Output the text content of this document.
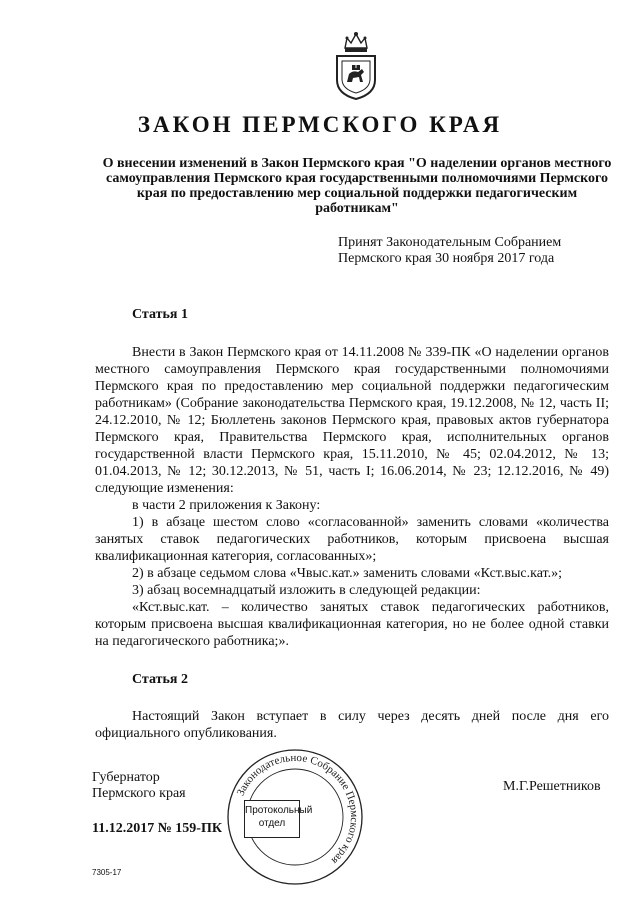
ЗАКОН ПЕРМСКОГО КРАЯ
О внесении изменений в Закон Пермского края "О наделении органов местного самоуправления Пермского края государственными полномочиями Пермского края по предоставлению мер социальной поддержки педагогическим работникам"
Принят Законодательным Собранием
Пермского края 30 ноября 2017 года
Статья 1

Внести в Закон Пермского края от 14.11.2008 № 339-ПК «О наделении органов местного самоуправления Пермского края государственными полномочиями Пермского края по предоставлению мер социальной поддержки педагогическим работникам» (Собрание законодательства Пермского края, 19.12.2008, № 12, часть II; 24.12.2010, № 12; Бюллетень законов Пермского края, правовых актов губернатора Пермского края, Правительства Пермского края, исполнительных органов государственной власти Пермского края, 15.11.2010, № 45; 02.04.2012, № 13; 01.04.2013, № 12; 30.12.2013, № 51, часть I; 16.06.2014, № 23; 12.12.2016, № 49) следующие изменения:

в части 2 приложения к Закону:

1) в абзаце шестом слово «согласованной» заменить словами «количества занятых ставок педагогических работников, которым присвоена высшая квалификационная категория, согласованных»;

2) в абзаце седьмом слова «Чвыс.кат.» заменить словами «Кст.выс.кат.»;

3) абзац восемнадцатый изложить в следующей редакции:

«Кст.выс.кат. – количество занятых ставок педагогических работников, которым присвоена высшая квалификационная категория, но не более одной ставки на педагогического работника;».

Статья 2

Настоящий Закон вступает в силу через десять дней после дня его официального опубликования.

Губернатор
Пермского края	М.Г.Решетников
11.12.2017 № 159-ПК
Законодательное Собрание Пермского края
Протокольный
отдел
7305-17
